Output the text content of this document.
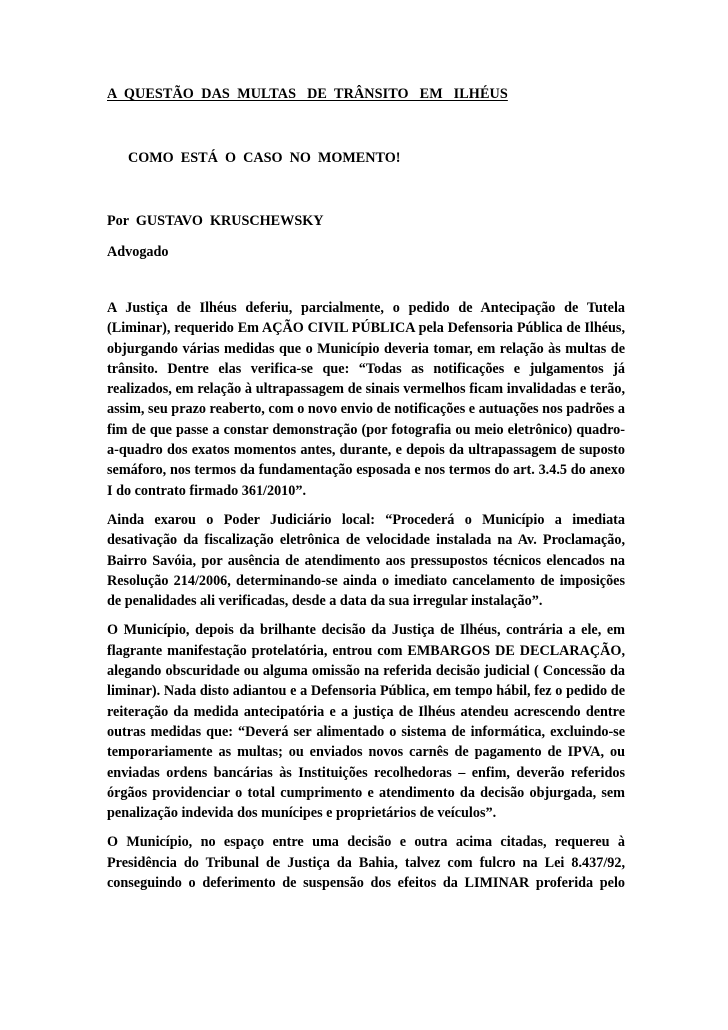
A  QUESTÃO  DAS  MULTAS   DE  TRÂNSITO   EM   ILHÉUS
COMO  ESTÁ  O  CASO  NO  MOMENTO!
Por  GUSTAVO  KRUSCHEWSKY
Advogado

A Justiça de Ilhéus deferiu, parcialmente, o pedido de Antecipação de Tutela (Liminar), requerido Em AÇÃO CIVIL PÚBLICA pela Defensoria Pública de Ilhéus, objurgando várias medidas que o Município deveria tomar, em relação às multas de trânsito. Dentre elas verifica-se que: “Todas as notificações e julgamentos já realizados, em relação à ultrapassagem de sinais vermelhos ficam invalidadas e terão, assim, seu prazo reaberto, com o novo envio de notificações e autuações nos padrões a fim de que passe a constar demonstração (por fotografia ou meio eletrônico) quadro-a-quadro dos exatos momentos antes, durante, e depois da ultrapassagem de suposto semáforo, nos termos da fundamentação esposada e nos termos do art. 3.4.5 do anexo I do contrato firmado 361/2010”.

Ainda exarou o Poder Judiciário local: “Procederá o Município a imediata desativação da fiscalização eletrônica de velocidade instalada na Av. Proclamação, Bairro Savóia, por ausência de atendimento aos pressupostos técnicos elencados na Resolução 214/2006, determinando-se ainda o imediato cancelamento de imposições de penalidades ali verificadas, desde a data da sua irregular instalação”.

O Município, depois da brilhante decisão da Justiça de Ilhéus, contrária a ele, em flagrante manifestação protelatória, entrou com EMBARGOS DE DECLARAÇÃO, alegando obscuridade ou alguma omissão na referida decisão judicial ( Concessão da liminar). Nada disto adiantou e a Defensoria Pública, em tempo hábil, fez o pedido de reiteração da medida antecipatória e a justiça de Ilhéus atendeu acrescendo dentre outras medidas que: “Deverá ser alimentado o sistema de informática, excluindo-se temporariamente as multas; ou enviados novos carnês de pagamento de IPVA, ou enviadas ordens bancárias às Instituições recolhedoras – enfim, deverão referidos órgãos providenciar o total cumprimento e atendimento da decisão objurgada, sem penalização indevida dos munícipes e proprietários de veículos”.

O Município, no espaço entre uma decisão e outra acima citadas, requereu à Presidência do Tribunal de Justiça da Bahia, talvez com fulcro na Lei 8.437/92, conseguindo o deferimento de suspensão dos efeitos da LIMINAR proferida pelo
